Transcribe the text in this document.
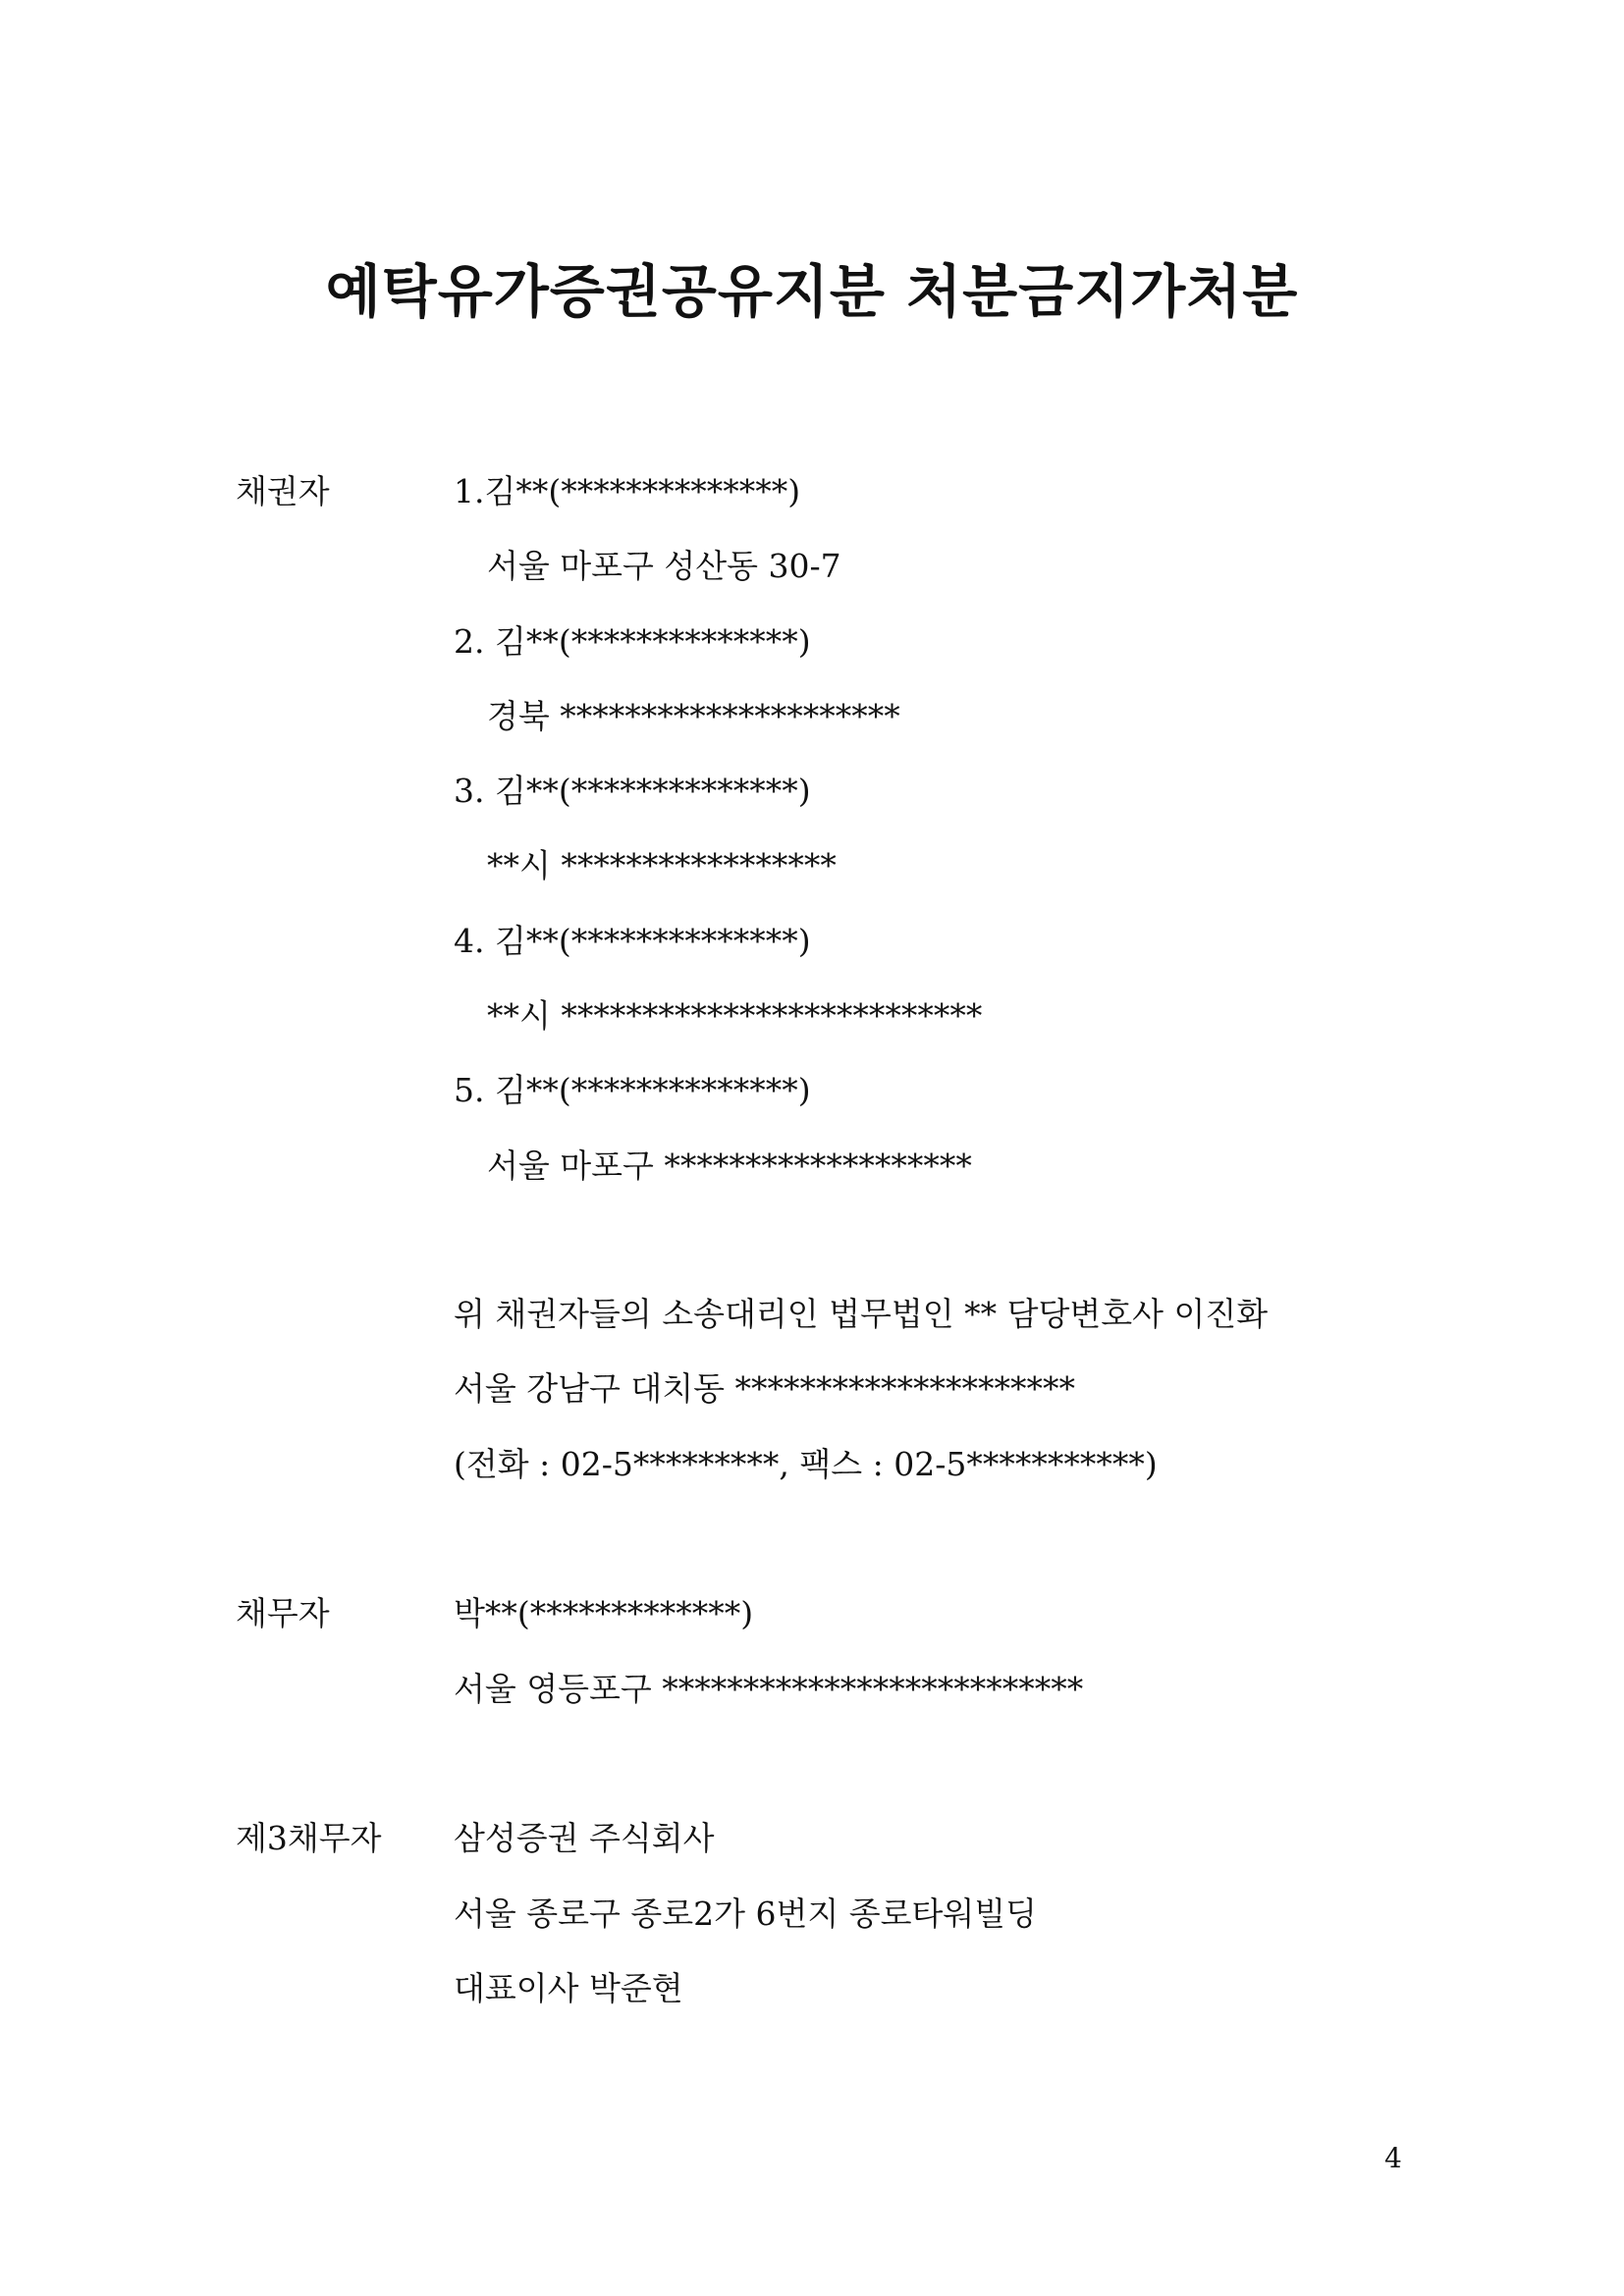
예탁유가증권공유지분 처분금지가처분
채권자	1.김**(**************)
서울 마포구 성산동 30-7
2. 김**(**************)
경북 *********************
3. 김**(**************)
**시 *****************
4. 김**(**************)
**시 **************************
5. 김**(**************)
서울 마포구 *******************
위 채권자들의 소송대리인 법무법인 ** 담당변호사 이진화
서울 강남구 대치동 *********************
(전화 : 02-5*********, 팩스 : 02-5***********)
채무자	박**(*************)
서울 영등포구 **************************
제3채무자 삼성증권 주식회사
서울 종로구 종로2가 6번지 종로타워빌딩
대표이사 박준현
4
